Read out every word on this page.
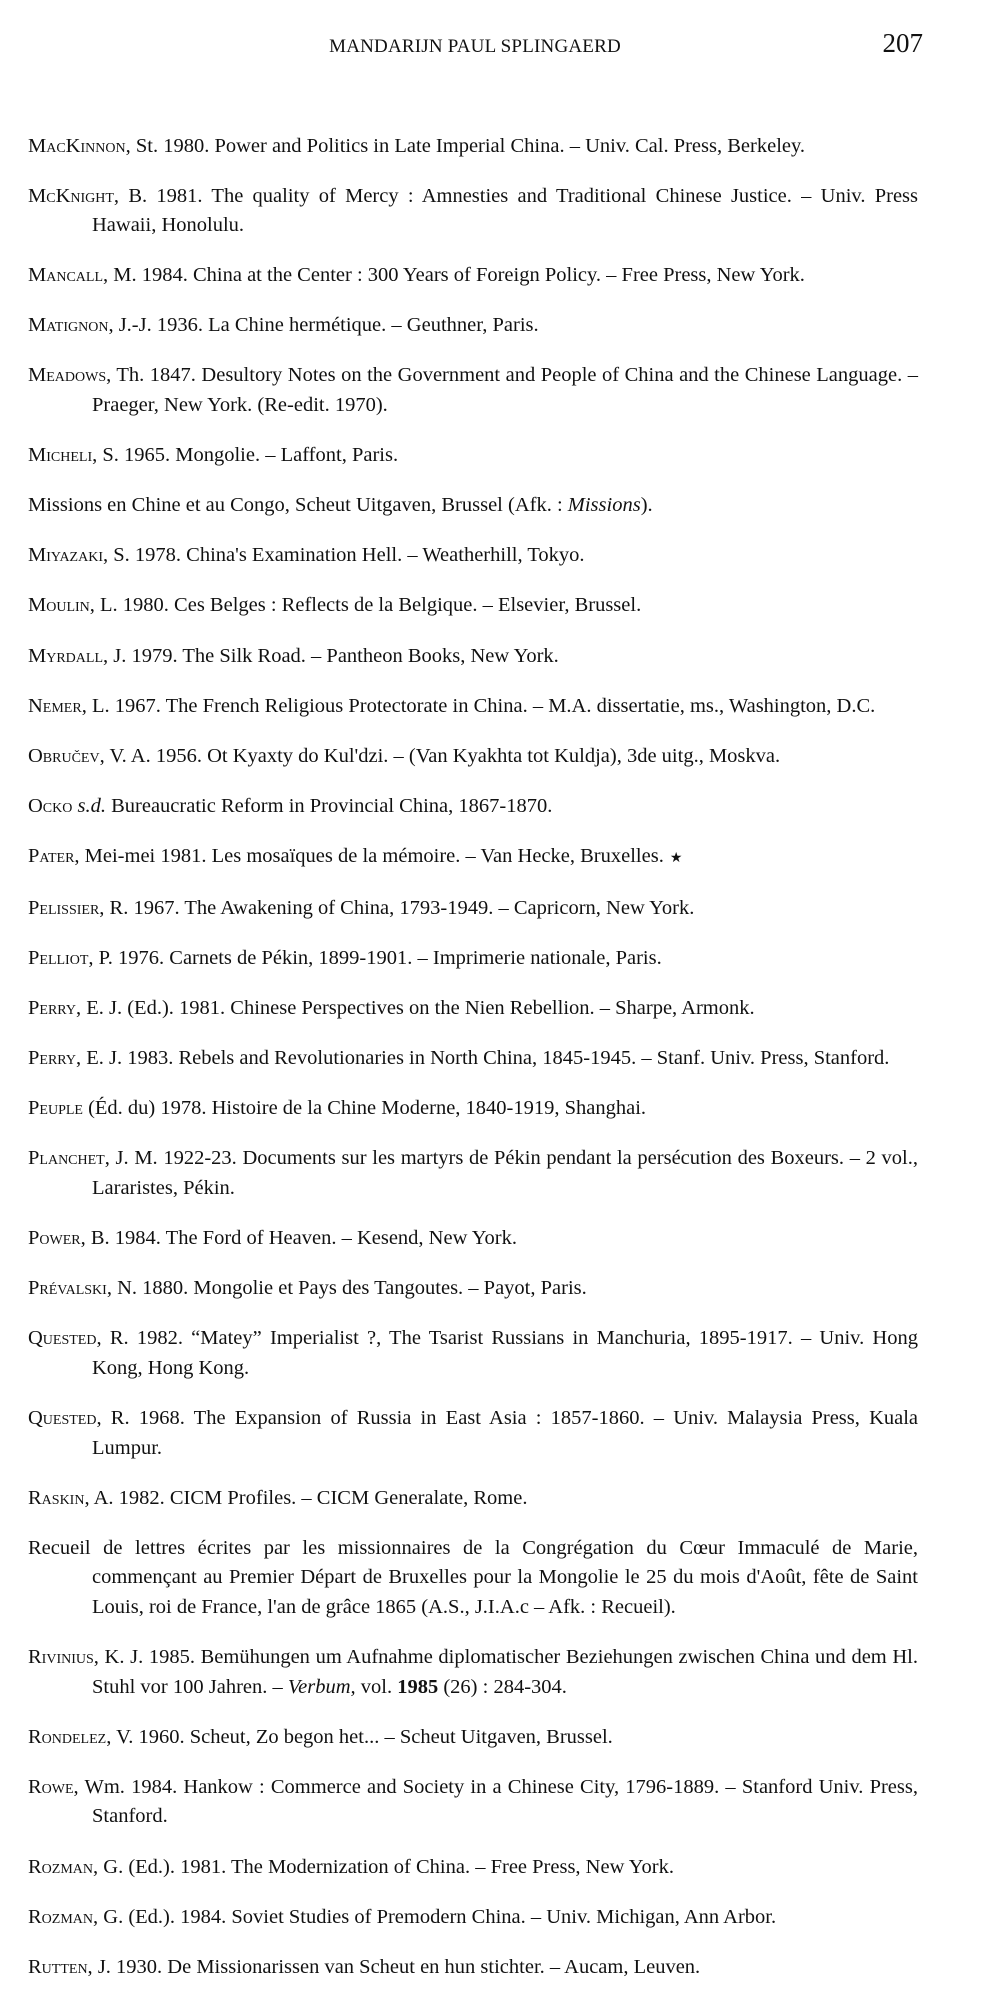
MANDARIJN PAUL SPLINGAERD	207

MacKinnon, St. 1980. Power and Politics in Late Imperial China. – Univ. Cal. Press, Berkeley.

McKnight, B. 1981. The quality of Mercy : Amnesties and Traditional Chinese Justice. – Univ. Press Hawaii, Honolulu.

Mancall, M. 1984. China at the Center : 300 Years of Foreign Policy. – Free Press, New York.

Matignon, J.-J. 1936. La Chine hermétique. – Geuthner, Paris.

Meadows, Th. 1847. Desultory Notes on the Government and People of China and the Chinese Language. – Praeger, New York. (Re-edit. 1970).

Micheli, S. 1965. Mongolie. – Laffont, Paris.

Missions en Chine et au Congo, Scheut Uitgaven, Brussel (Afk. : Missions).

Miyazaki, S. 1978. China's Examination Hell. – Weatherhill, Tokyo.

Moulin, L. 1980. Ces Belges : Reflects de la Belgique. – Elsevier, Brussel.

Myrdall, J. 1979. The Silk Road. – Pantheon Books, New York.

Nemer, L. 1967. The French Religious Protectorate in China. – M.A. dissertatie, ms., Washington, D.C.

Obručev, V. A. 1956. Ot Kyaxty do Kul'dzi. – (Van Kyakhta tot Kuldja), 3de uitg., Moskva.

Ocko s.d. Bureaucratic Reform in Provincial China, 1867-1870.

Pater, Mei-mei 1981. Les mosaïques de la mémoire. – Van Hecke, Bruxelles. ★

Pelissier, R. 1967. The Awakening of China, 1793-1949. – Capricorn, New York.

Pelliot, P. 1976. Carnets de Pékin, 1899-1901. – Imprimerie nationale, Paris.

Perry, E. J. (Ed.). 1981. Chinese Perspectives on the Nien Rebellion. – Sharpe, Armonk.

Perry, E. J. 1983. Rebels and Revolutionaries in North China, 1845-1945. – Stanf. Univ. Press, Stanford.

Peuple (Éd. du) 1978. Histoire de la Chine Moderne, 1840-1919, Shanghai.

Planchet, J. M. 1922-23. Documents sur les martyrs de Pékin pendant la persécution des Boxeurs. – 2 vol., Lararistes, Pékin.

Power, B. 1984. The Ford of Heaven. – Kesend, New York.

Prévalski, N. 1880. Mongolie et Pays des Tangoutes. – Payot, Paris.

Quested, R. 1982. “Matey” Imperialist ?, The Tsarist Russians in Manchuria, 1895-1917. – Univ. Hong Kong, Hong Kong.

Quested, R. 1968. The Expansion of Russia in East Asia : 1857-1860. – Univ. Malaysia Press, Kuala Lumpur.

Raskin, A. 1982. CICM Profiles. – CICM Generalate, Rome.

Recueil de lettres écrites par les missionnaires de la Congrégation du Cœur Immaculé de Marie, commençant au Premier Départ de Bruxelles pour la Mongolie le 25 du mois d'Août, fête de Saint Louis, roi de France, l'an de grâce 1865 (A.S., J.I.A.c – Afk. : Recueil).

Rivinius, K. J. 1985. Bemühungen um Aufnahme diplomatischer Beziehungen zwischen China und dem Hl. Stuhl vor 100 Jahren. – Verbum, vol. 1985 (26) : 284-304.

Rondelez, V. 1960. Scheut, Zo begon het... – Scheut Uitgaven, Brussel.

Rowe, Wm. 1984. Hankow : Commerce and Society in a Chinese City, 1796-1889. – Stanford Univ. Press, Stanford.

Rozman, G. (Ed.). 1981. The Modernization of China. – Free Press, New York.

Rozman, G. (Ed.). 1984. Soviet Studies of Premodern China. – Univ. Michigan, Ann Arbor.

Rutten, J. 1930. De Missionarissen van Scheut en hun stichter. – Aucam, Leuven.
